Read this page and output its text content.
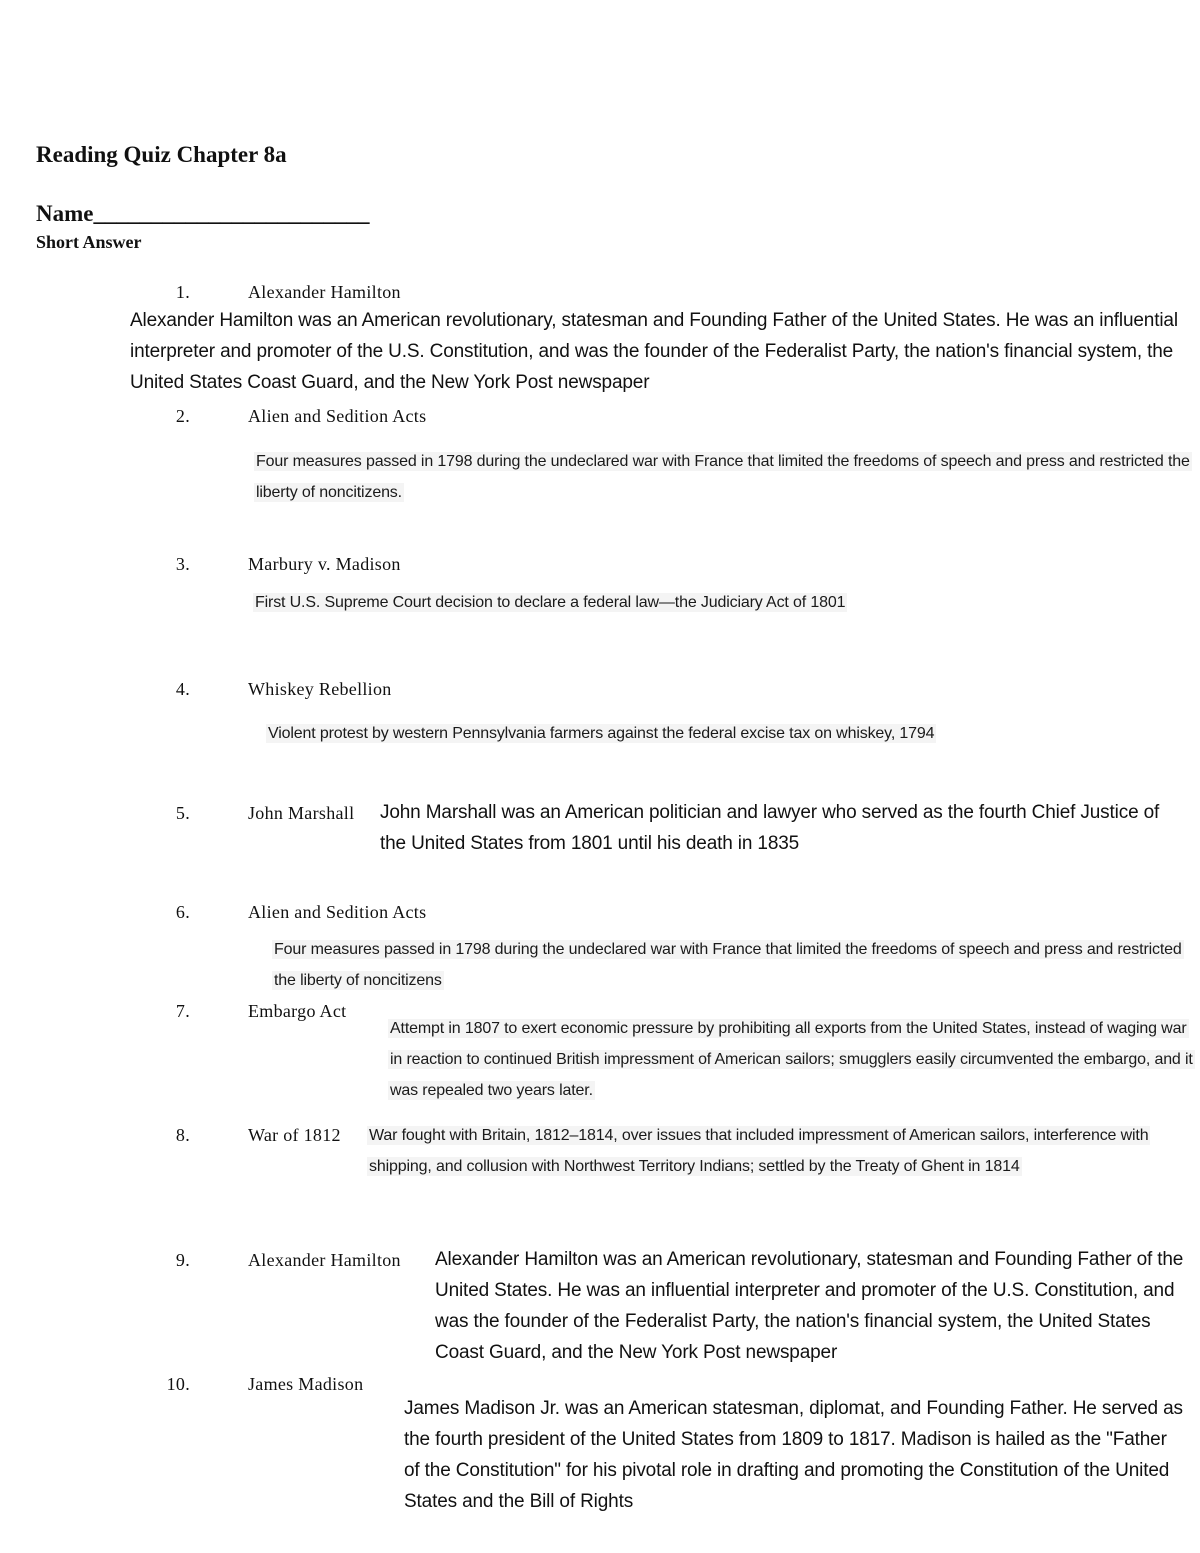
Reading Quiz Chapter 8a
Name________________________
Short Answer
1.	Alexander Hamilton
Alexander Hamilton was an American revolutionary, statesman and Founding Father of the United States. He was an influential interpreter and promoter of the U.S. Constitution, and was the founder of the Federalist Party, the nation's financial system, the United States Coast Guard, and the New York Post newspaper
2.	Alien and Sedition Acts
Four measures passed in 1798 during the undeclared war with France that limited the freedoms of speech and press and restricted the liberty of noncitizens.
3.	Marbury v. Madison
First U.S. Supreme Court decision to declare a federal law—the Judiciary Act of 1801
4.	Whiskey Rebellion
Violent protest by western Pennsylvania farmers against the federal excise tax on whiskey, 1794
5.	John Marshall John Marshall was an American politician and lawyer who served as the fourth Chief Justice of the United States from 1801 until his death in 1835
6.	Alien and Sedition Acts
Four measures passed in 1798 during the undeclared war with France that limited the freedoms of speech and press and restricted the liberty of noncitizens
7.	Embargo Act
Attempt in 1807 to exert economic pressure by prohibiting all exports from the United States, instead of waging war in reaction to continued British impressment of American sailors; smugglers easily circumvented the embargo, and it was repealed two years later.
8.	War of 1812 War fought with Britain, 1812–1814, over issues that included impressment of American sailors, interference with shipping, and collusion with Northwest Territory Indians; settled by the Treaty of Ghent in 1814
9.	Alexander Hamilton Alexander Hamilton was an American revolutionary, statesman and Founding Father of the United States. He was an influential interpreter and promoter of the U.S. Constitution, and was the founder of the Federalist Party, the nation's financial system, the United States Coast Guard, and the New York Post newspaper
10.	James Madison
James Madison Jr. was an American statesman, diplomat, and Founding Father. He served as the fourth president of the United States from 1809 to 1817. Madison is hailed as the "Father of the Constitution" for his pivotal role in drafting and promoting the Constitution of the United States and the Bill of Rights
